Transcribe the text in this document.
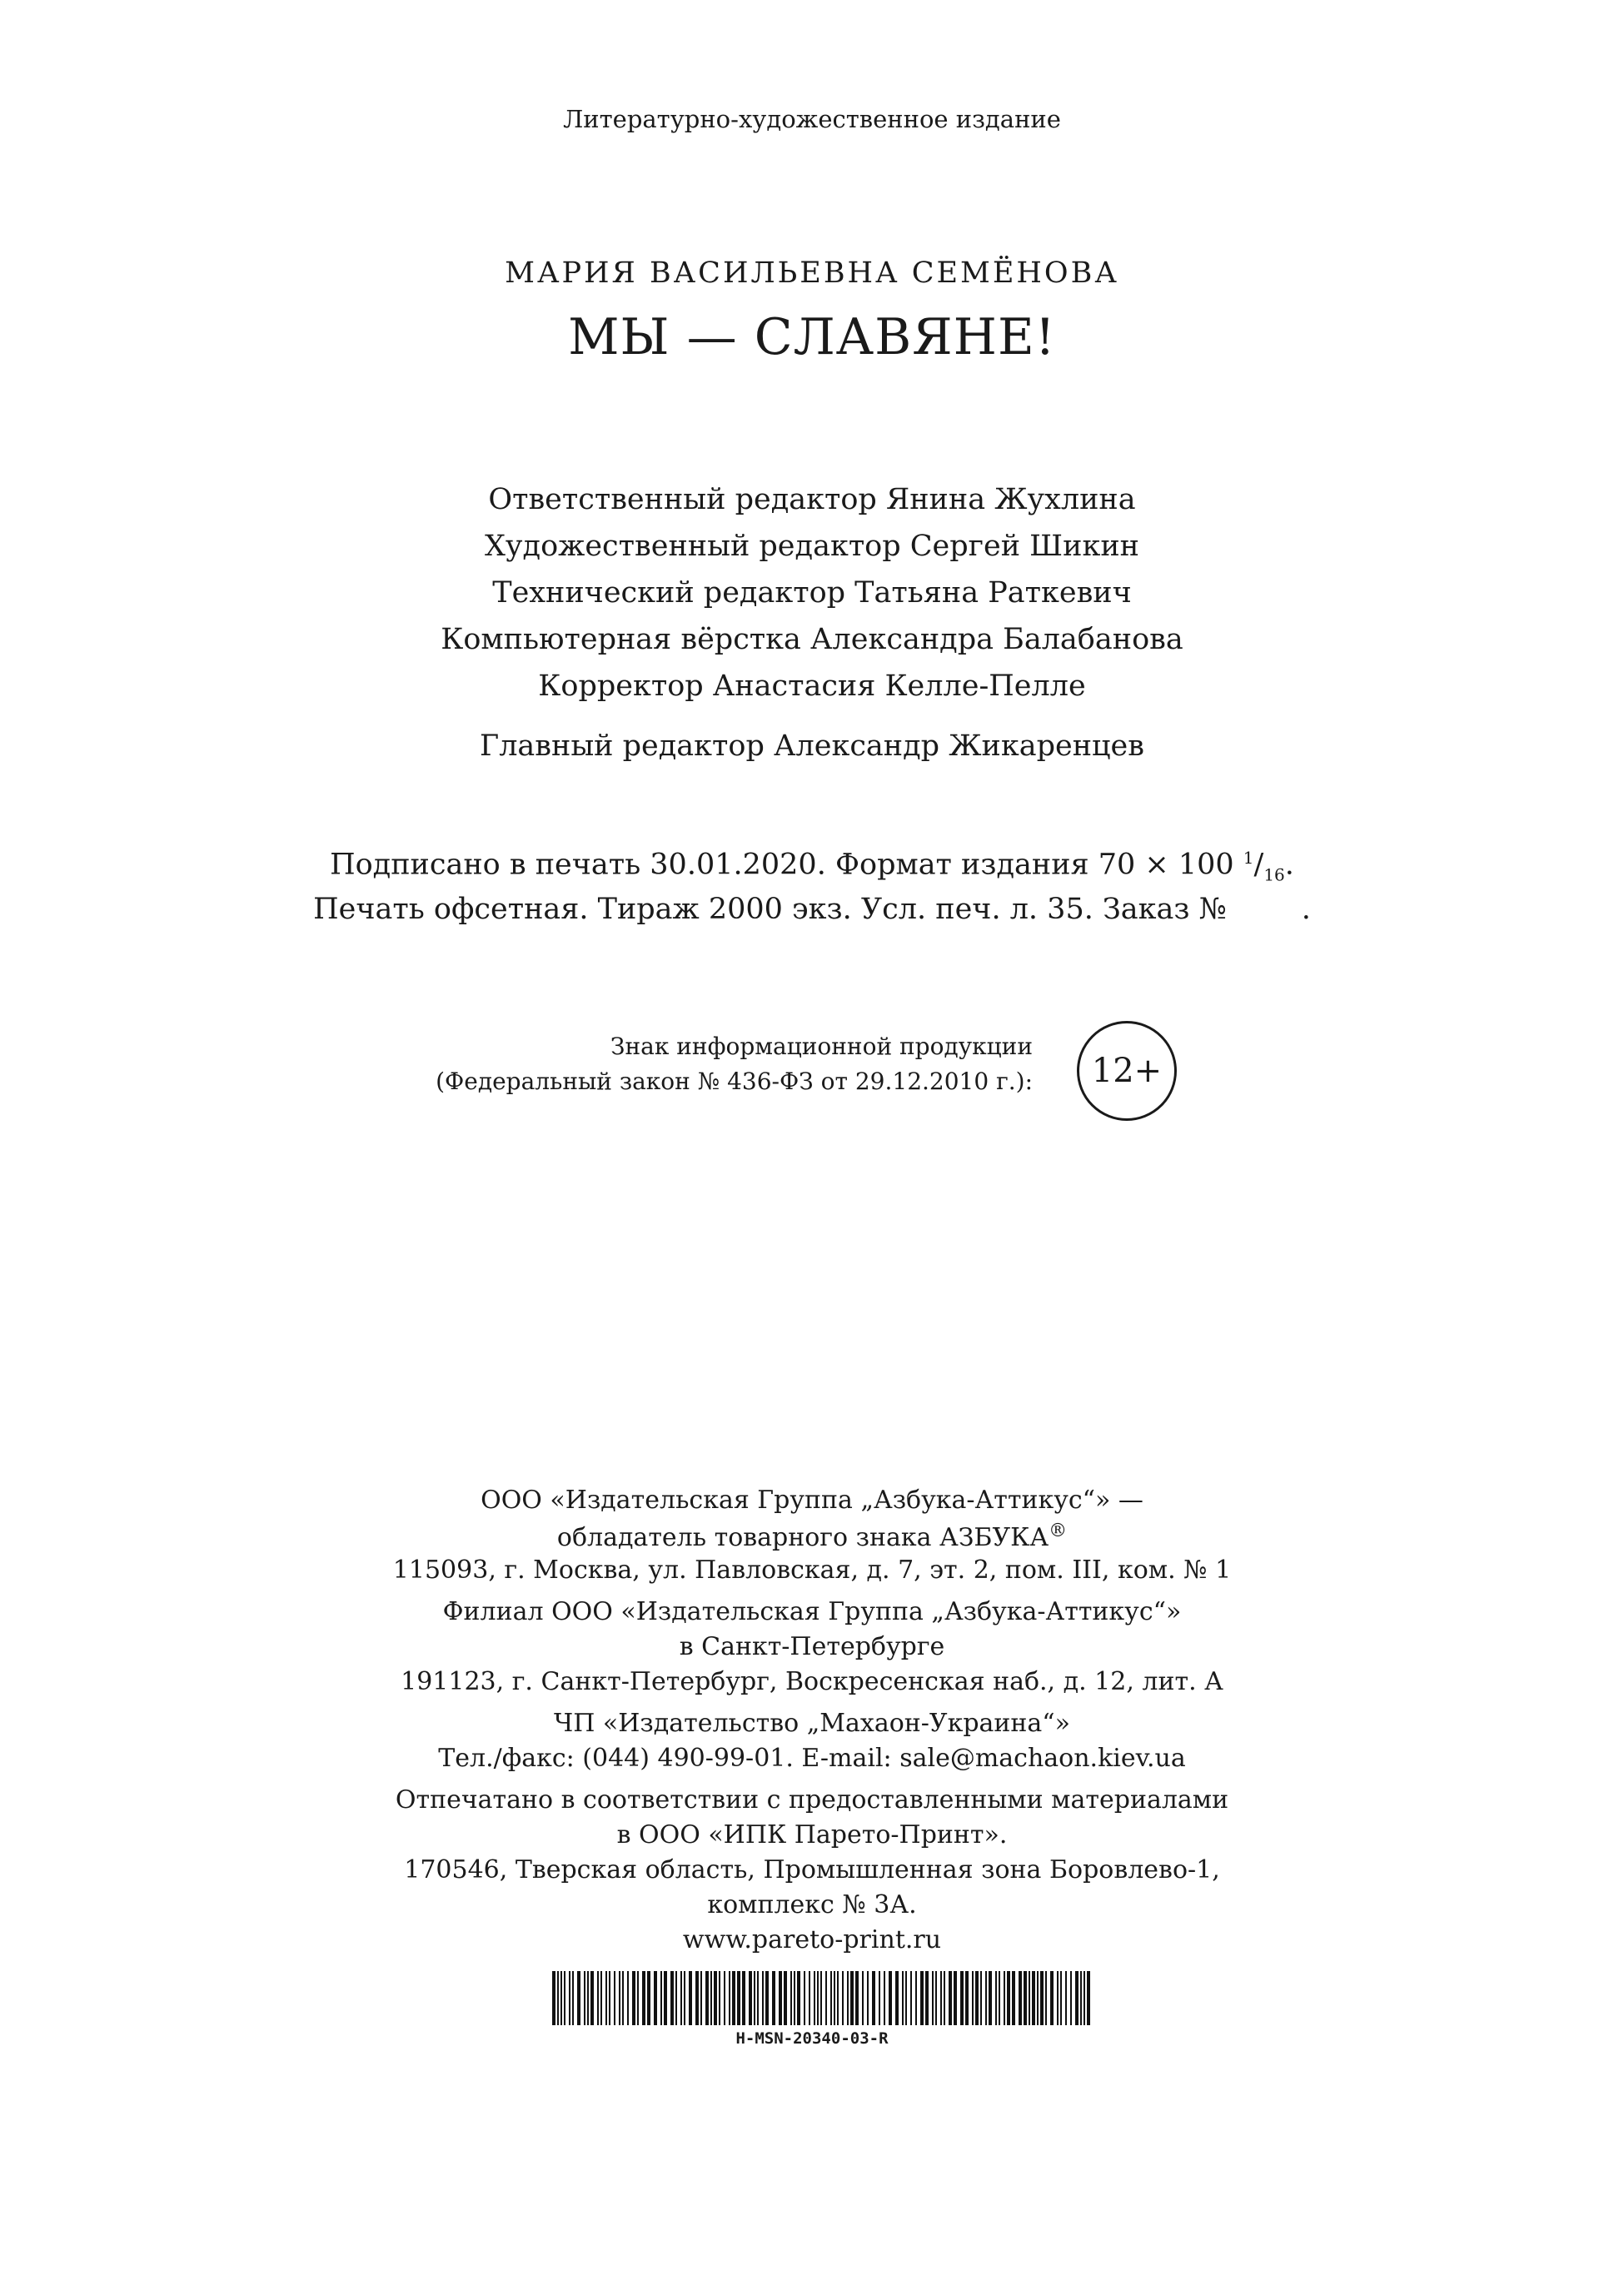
Литературно-художественное издание
МАРИЯ ВАСИЛЬЕВНА СЕМЁНОВА
МЫ — СЛАВЯНЕ!
Ответственный редактор Янина Жухлина
Художественный редактор Сергей Шикин
Технический редактор Татьяна Раткевич
Компьютерная вёрстка Александра Балабанова
Корректор Анастасия Келле-Пелле
Главный редактор Александр Жикаренцев
Подписано в печать 30.01.2020. Формат издания 70 × 100 $^1/_{16}$.
Печать офсетная. Тираж 2000 экз. Усл. печ. л. 35. Заказ №	.
Знак информационной продукции
(Федеральный закон № 436-ФЗ от 29.12.2010 г.): 12+
ООО «Издательская Группа „Азбука-Аттикус“» —
обладатель товарного знака АЗБУКА®
115093, г. Москва, ул. Павловская, д. 7, эт. 2, пом. III, ком. № 1
Филиал ООО «Издательская Группа „Азбука-Аттикус“»
в Санкт-Петербурге
191123, г. Санкт-Петербург, Воскресенская наб., д. 12, лит. А
ЧП «Издательство „Махаон-Украина“»
Тел./факс: (044) 490-99-01. E-mail: sale@machaon.kiev.ua
Отпечатано в соответствии с предоставленными материалами
в ООО «ИПК Парето-Принт».
170546, Тверская область, Промышленная зона Боровлево-1,
комплекс № 3А.
www.pareto-print.ru
H-MSN-20340-03-R
